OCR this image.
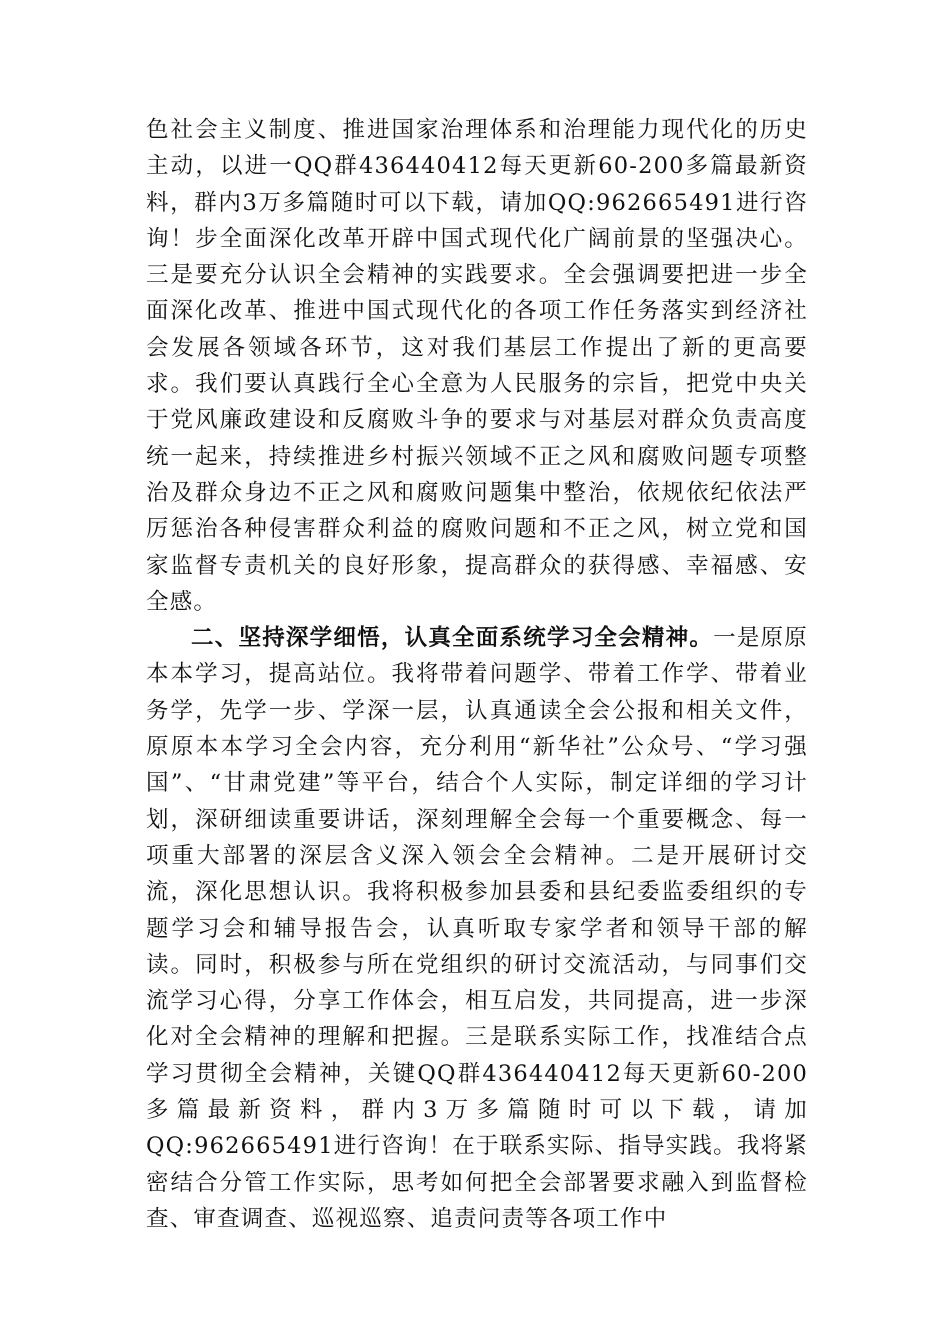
色社会主义制度、推进国家治理体系和治理能力现代化的历史主动，以进一QQ群436440412每天更新60-200多篇最新资料，群内3万多篇随时可以下载，请加QQ:962665491进行咨询！步全面深化改革开辟中国式现代化广阔前景的坚强决心。三是要充分认识全会精神的实践要求。全会强调要把进一步全面深化改革、推进中国式现代化的各项工作任务落实到经济社会发展各领域各环节，这对我们基层工作提出了新的更高要求。我们要认真践行全心全意为人民服务的宗旨，把党中央关于党风廉政建设和反腐败斗争的要求与对基层对群众负责高度统一起来，持续推进乡村振兴领域不正之风和腐败问题专项整治及群众身边不正之风和腐败问题集中整治，依规依纪依法严厉惩治各种侵害群众利益的腐败问题和不正之风，树立党和国家监督专责机关的良好形象，提高群众的获得感、幸福感、安全感。

二、坚持深学细悟，认真全面系统学习全会精神。一是原原本本学习，提高站位。我将带着问题学、带着工作学、带着业务学，先学一步、学深一层，认真通读全会公报和相关文件，原原本本学习全会内容，充分利用“新华社”公众号、“学习强国”、“甘肃党建”等平台，结合个人实际，制定详细的学习计划，深研细读重要讲话，深刻理解全会每一个重要概念、每一项重大部署的深层含义深入领会全会精神。二是开展研讨交流，深化思想认识。我将积极参加县委和县纪委监委组织的专题学习会和辅导报告会，认真听取专家学者和领导干部的解读。同时，积极参与所在党组织的研讨交流活动，与同事们交流学习心得，分享工作体会，相互启发，共同提高，进一步深化对全会精神的理解和把握。三是联系实际工作，找准结合点学习贯彻全会精神，关键QQ群436440412每天更新60-200多篇最新资料，群内3万多篇随时可以下载，请加QQ:962665491进行咨询！在于联系实际、指导实践。我将紧密结合分管工作实际，思考如何把全会部署要求融入到监督检查、审查调查、巡视巡察、追责问责等各项工作中
